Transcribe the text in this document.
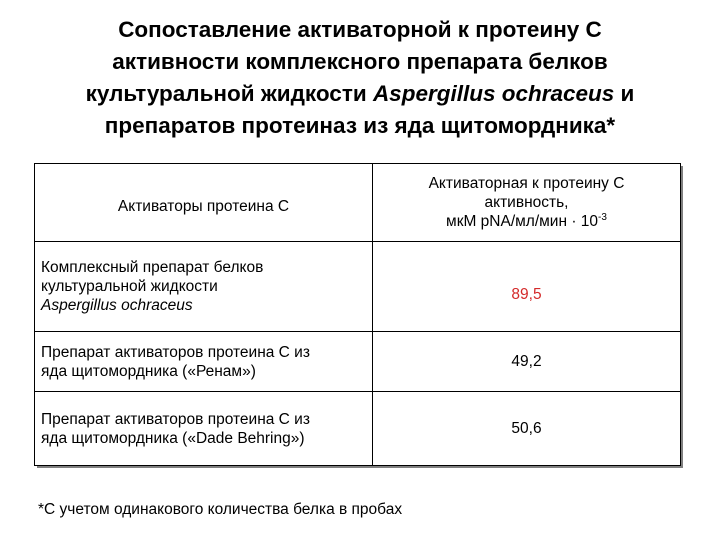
Сопоставление активаторной к протеину С
активности комплексного препарата белков
культуральной жидкости Aspergillus ochraceus и
препаратов протеиназ из яда щитомордника*
Активаторы протеина С	Активаторная к протеину С
активность,
мкМ $pNA/мл/мин \cdot 10^{-3}$

Комплексный препарат белков
культуральной жидкости
Aspergillus ochraceus	89,5

Препарат активаторов протеина С из
яда щитомордника («Ренам»)	49,2

Препарат активаторов протеина С из
яда щитомордника («Dade Behring»)	50,6
*С учетом одинакового количества белка в пробах
